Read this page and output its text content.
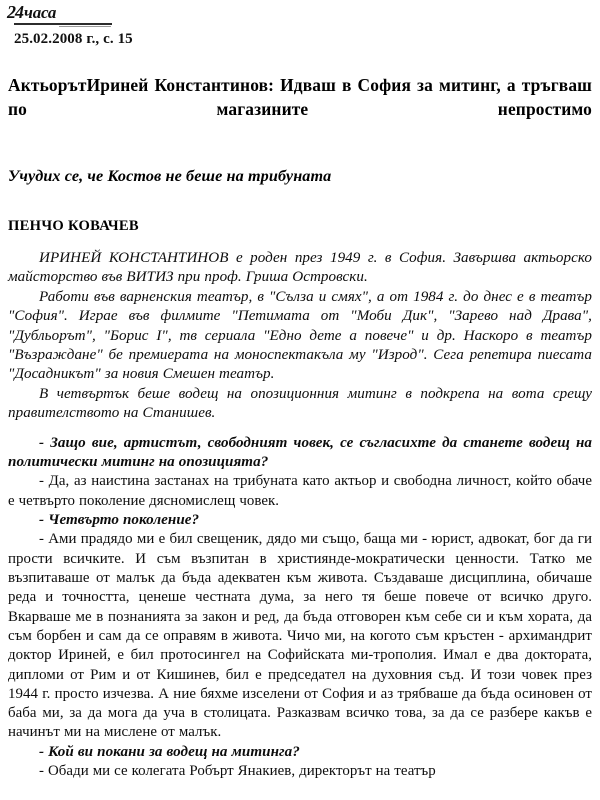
24часа
25.02.2008 г., с. 15
АктьорътИриней Константинов: Идваш в София за митинг, а тръгваш по магазините непростимо
Учудих се, че Костов не беше на трибуната
ПЕНЧО КОВАЧЕВ

ИРИНЕЙ КОНСТАНТИНОВ е роден през 1949 г. в София. Завършва актьорско майсторство във ВИТИЗ при проф. Гриша Островски.

Работи във варненския театър, в "Сълза и смях", а от 1984 г. до днес е в театър "София". Играе във филмите "Петимата от "Моби Дик", "Зарево над Драва", "Дубльорът", "Борис I", тв сериала "Едно дете а повече" и др. Наскоро в театър "Възраждане" бе премиерата на моноспектакъла му "Изрод". Сега репетира пиесата "Досадникът" за новия Смешен театър.

В четвъртък беше водещ на опозиционния митинг в подкрепа на вота срещу правителството на Станишев.

- Защо вие, артистът, свободният човек, се съгласихте да станете водещ на политически митинг на опозицията?

- Да, аз наистина застанах на трибуната като актьор и свободна личност, който обаче е четвърто поколение дясномислещ човек.

- Четвърто поколение?

- Ами прадядо ми е бил свещеник, дядо ми също, баща ми - юрист, адвокат, бог да ги прости всичките. И съм възпитан в християнде-мократически ценности. Татко ме възпитаваше от малък да бъда адекватен към живота. Създаваше дисциплина, обичаше реда и точността, ценеше честната дума, за него тя беше повече от всичко друго. Вкарваше ме в познанията за закон и ред, да бъда отговорен към себе си и към хората, да съм борбен и сам да се оправям в живота. Чичо ми, на когото съм кръстен - архимандрит доктор Ириней, е бил протосингел на Софийската ми-трополия. Имал е два доктората, дипломи от Рим и от Кишинев, бил е председател на духовния съд. И този човек през 1944 г. просто изчезва. А ние бяхме изселени от София и аз трябваше да бъда осиновен от баба ми, за да мога да уча в столицата. Разказвам всичко това, за да се разбере какъв е начинът ми на мислене от малък.

- Кой ви покани за водещ на митинга?

- Обади ми се колегата Робърт Янакиев, директорът на театър
